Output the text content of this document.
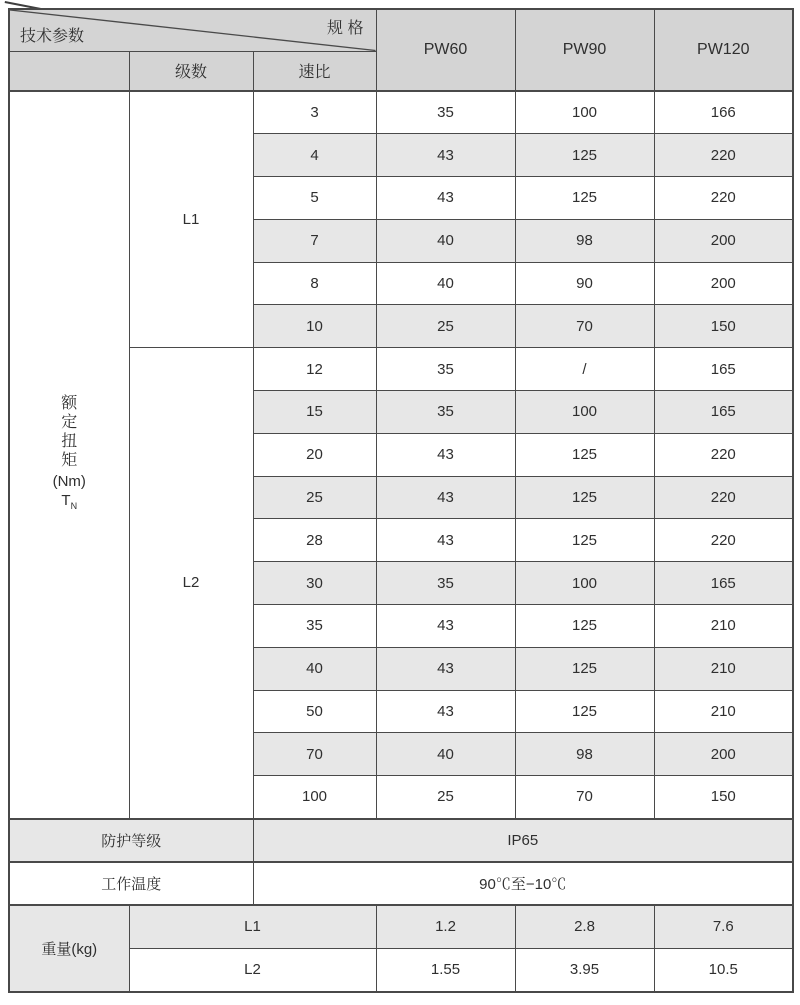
规 格
技术参数			PW60	PW90	PW120
	级数	速比			

额
定
扭
矩
(Nm)
$T_N$
	L1	3	35	100	166
		4	43	125	220
		5	43	125	220
		7	40	98	200
		8	40	90	200
		10	25	70	150
	L2	12	35	/	165
		15	35	100	165
		20	43	125	220
		25	43	125	220
		28	43	125	220
		30	35	100	165
		35	43	125	210
		40	43	125	210
		50	43	125	210
		70	40	98	200
		100	25	70	150
防护等级		IP65			
工作温度		90℃至−10℃			
重量(kg)	L1		1.2	2.8	7.6
	L2		1.55	3.95	10.5
